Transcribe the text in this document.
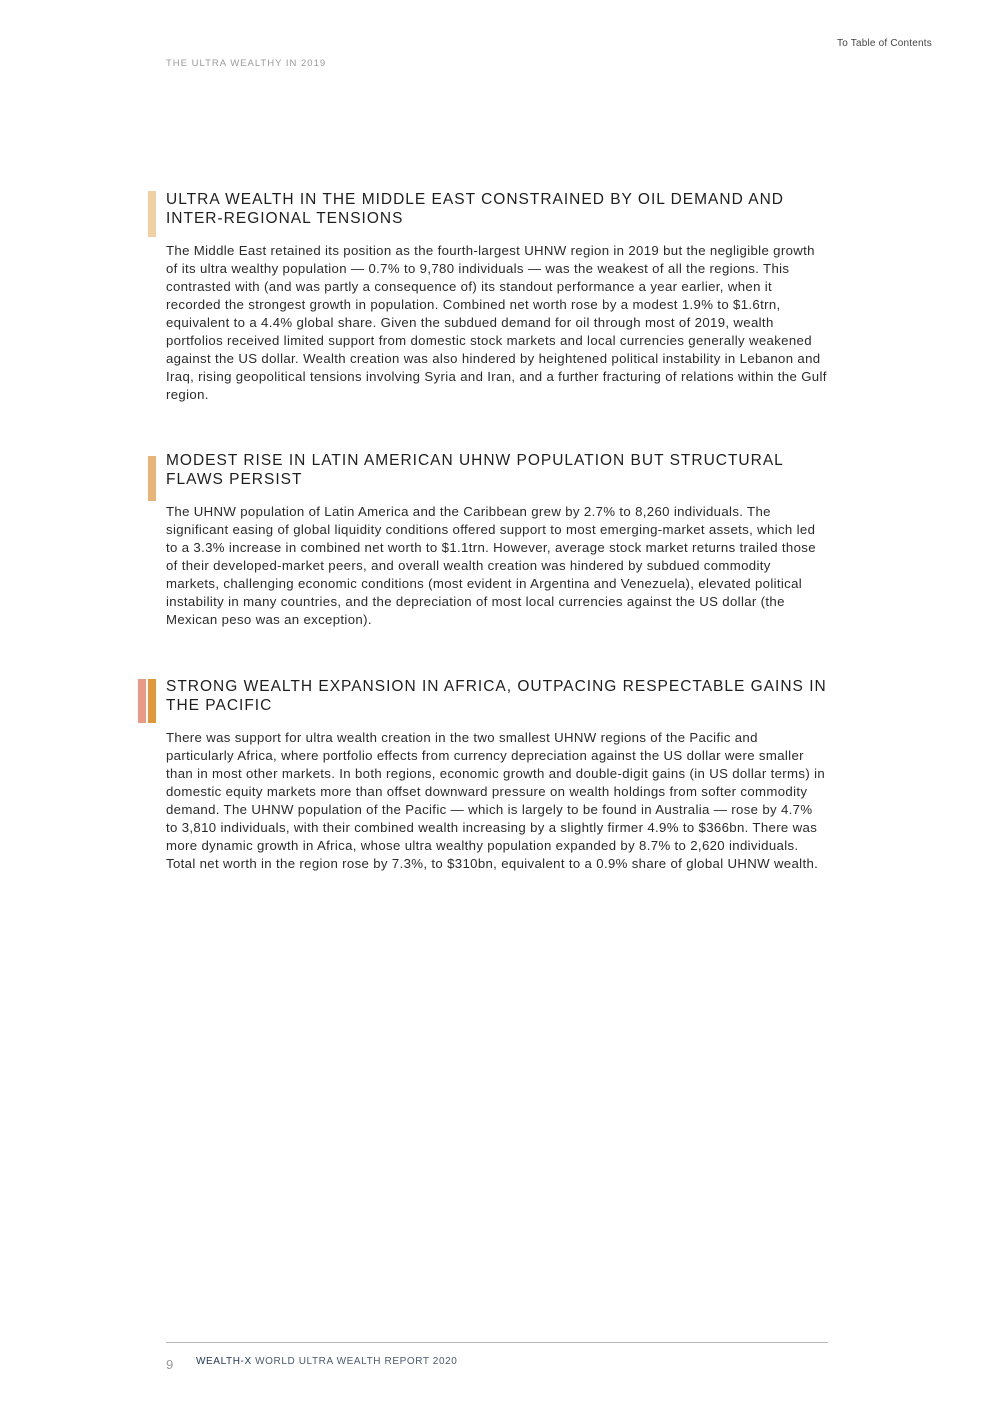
To Table of Contents
THE ULTRA WEALTHY IN 2019
ULTRA WEALTH IN THE MIDDLE EAST CONSTRAINED BY OIL DEMAND AND INTER-REGIONAL TENSIONS

The Middle East retained its position as the fourth-largest UHNW region in 2019 but the negligible growth of its ultra wealthy population — 0.7% to 9,780 individuals — was the weakest of all the regions. This contrasted with (and was partly a consequence of) its standout performance a year earlier, when it recorded the strongest growth in population. Combined net worth rose by a modest 1.9% to $1.6trn, equivalent to a 4.4% global share. Given the subdued demand for oil through most of 2019, wealth portfolios received limited support from domestic stock markets and local currencies generally weakened against the US dollar. Wealth creation was also hindered by heightened political instability in Lebanon and Iraq, rising geopolitical tensions involving Syria and Iran, and a further fracturing of relations within the Gulf region.

MODEST RISE IN LATIN AMERICAN UHNW POPULATION BUT STRUCTURAL FLAWS PERSIST

The UHNW population of Latin America and the Caribbean grew by 2.7% to 8,260 individuals. The significant easing of global liquidity conditions offered support to most emerging-market assets, which led to a 3.3% increase in combined net worth to $1.1trn. However, average stock market returns trailed those of their developed-market peers, and overall wealth creation was hindered by subdued commodity markets, challenging economic conditions (most evident in Argentina and Venezuela), elevated political instability in many countries, and the depreciation of most local currencies against the US dollar (the Mexican peso was an exception).

STRONG WEALTH EXPANSION IN AFRICA, OUTPACING RESPECTABLE GAINS IN THE PACIFIC

There was support for ultra wealth creation in the two smallest UHNW regions of the Pacific and particularly Africa, where portfolio effects from currency depreciation against the US dollar were smaller than in most other markets. In both regions, economic growth and double-digit gains (in US dollar terms) in domestic equity markets more than offset downward pressure on wealth holdings from softer commodity demand. The UHNW population of the Pacific — which is largely to be found in Australia — rose by 4.7% to 3,810 individuals, with their combined wealth increasing by a slightly firmer 4.9% to $366bn. There was more dynamic growth in Africa, whose ultra wealthy population expanded by 8.7% to 2,620 individuals. Total net worth in the region rose by 7.3%, to $310bn, equivalent to a 0.9% share of global UHNW wealth.

9 WEALTH-X WORLD ULTRA WEALTH REPORT 2020
